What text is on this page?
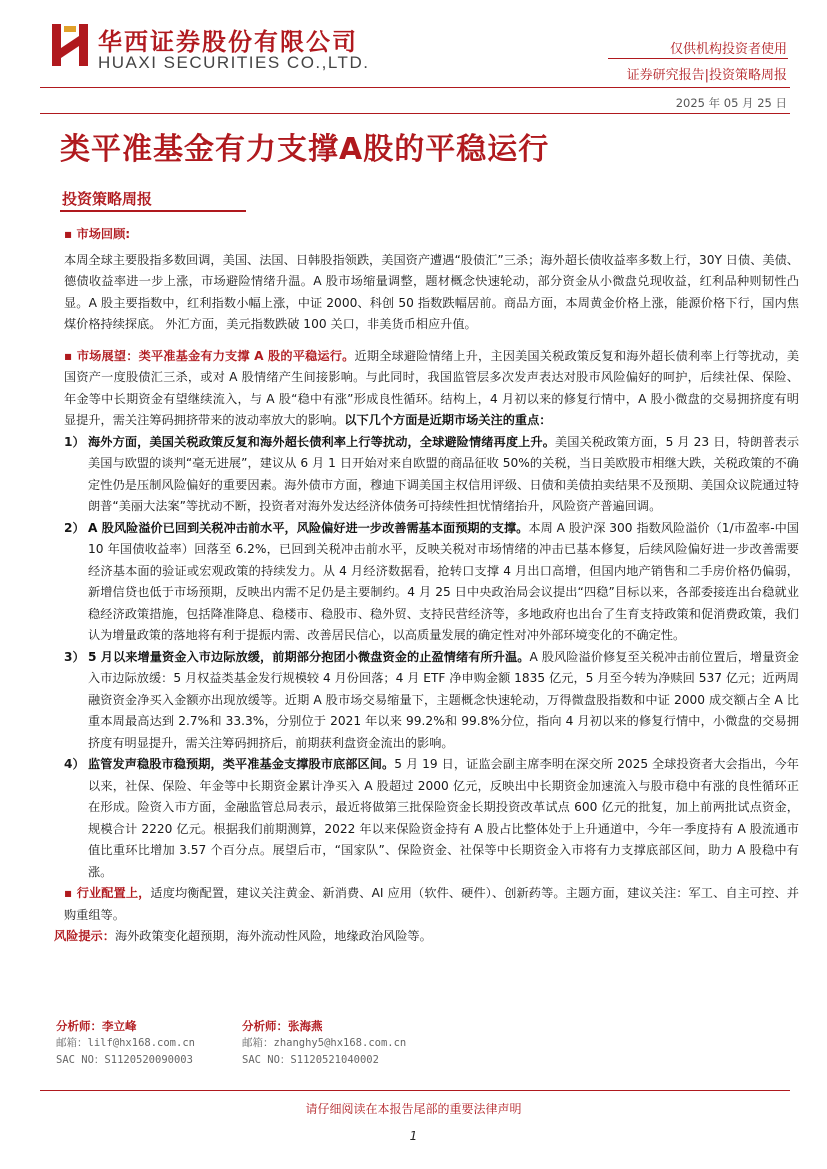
华西证券股份有限公司
HUAXI SECURITIES CO.,LTD.
仅供机构投资者使用
证券研究报告|投资策略周报
2025 年 05 月 25 日
类平准基金有力支撑A股的平稳运行
投资策略周报

▪ 市场回顾:

本周全球主要股指多数回调，美国、法国、日韩股指领跌，美国资产遭遇“股债汇”三杀；海外超长债收益率多数上行，30Y 日债、美债、德债收益率进一步上涨，市场避险情绪升温。A 股市场缩量调整，题材概念快速轮动，部分资金从小微盘兑现收益，红利品种则韧性凸显。A 股主要指数中，红利指数小幅上涨，中证 2000、科创 50 指数跌幅居前。商品方面，本周黄金价格上涨，能源价格下行，国内焦煤价格持续探底。 外汇方面，美元指数跌破 100 关口，非美货币相应升值。

▪ 市场展望：类平准基金有力支撑 A 股的平稳运行。近期全球避险情绪上升，主因美国关税政策反复和海外超长债利率上行等扰动，美国资产一度股债汇三杀，或对 A 股情绪产生间接影响。与此同时，我国监管层多次发声表达对股市风险偏好的呵护，后续社保、保险、年金等中长期资金有望继续流入，与 A 股“稳中有涨”形成良性循环。结构上，4 月初以来的修复行情中，A 股小微盘的交易拥挤度有明显提升，需关注筹码拥挤带来的波动率放大的影响。以下几个方面是近期市场关注的重点：

1） 海外方面，美国关税政策反复和海外超长债利率上行等扰动，全球避险情绪再度上升。美国关税政策方面，5 月 23 日，特朗普表示美国与欧盟的谈判“毫无进展”，建议从 6 月 1 日开始对来自欧盟的商品征收 50%的关税，当日美欧股市相继大跌，关税政策的不确定性仍是压制风险偏好的重要因素。海外债市方面，穆迪下调美国主权信用评级、日债和美债拍卖结果不及预期、美国众议院通过特朗普“美丽大法案”等扰动不断，投资者对海外发达经济体债务可持续性担忧情绪抬升，风险资产普遍回调。

2） A 股风险溢价已回到关税冲击前水平，风险偏好进一步改善需基本面预期的支撑。本周 A 股沪深 300 指数风险溢价（1/市盈率-中国 10 年国债收益率）回落至 6.2%，已回到关税冲击前水平，反映关税对市场情绪的冲击已基本修复，后续风险偏好进一步改善需要经济基本面的验证或宏观政策的持续发力。从 4 月经济数据看，抢转口支撑 4 月出口高增，但国内地产销售和二手房价格仍偏弱，新增信贷也低于市场预期，反映出内需不足仍是主要制约。4 月 25 日中央政治局会议提出“四稳”目标以来，各部委接连出台稳就业稳经济政策措施，包括降准降息、稳楼市、稳股市、稳外贸、支持民营经济等，多地政府也出台了生育支持政策和促消费政策，我们认为增量政策的落地将有利于提振内需、改善居民信心，以高质量发展的确定性对冲外部环境变化的不确定性。

3） 5 月以来增量资金入市边际放缓，前期部分抱团小微盘资金的止盈情绪有所升温。A 股风险溢价修复至关税冲击前位置后，增量资金入市边际放缓：5 月权益类基金发行规模较 4 月份回落；4 月 ETF 净申购金额 1835 亿元，5 月至今转为净赎回 537 亿元；近两周融资资金净买入金额亦出现放缓等。近期 A 股市场交易缩量下，主题概念快速轮动，万得微盘股指数和中证 2000 成交额占全 A 比重本周最高达到 2.7%和 33.3%，分别位于 2021 年以来 99.2%和 99.8%分位，指向 4 月初以来的修复行情中，小微盘的交易拥挤度有明显提升，需关注筹码拥挤后，前期获利盘资金流出的影响。

4） 监管发声稳股市稳预期，类平准基金支撑股市底部区间。5 月 19 日，证监会副主席李明在深交所 2025 全球投资者大会指出，今年以来，社保、保险、年金等中长期资金累计净买入 A 股超过 2000 亿元，反映出中长期资金加速流入与股市稳中有涨的良性循环正在形成。险资入市方面，金融监管总局表示，最近将做第三批保险资金长期投资改革试点 600 亿元的批复，加上前两批试点资金，规模合计 2220 亿元。根据我们前期测算，2022 年以来保险资金持有 A 股占比整体处于上升通道中，今年一季度持有 A 股流通市值比重环比增加 3.57 个百分点。展望后市，“国家队”、保险资金、社保等中长期资金入市将有力支撑底部区间，助力 A 股稳中有涨。

▪ 行业配置上，适度均衡配置，建议关注黄金、新消费、AI 应用（软件、硬件）、创新药等。主题方面，建议关注：军工、自主可控、并购重组等。

风险提示：海外政策变化超预期，海外流动性风险，地缘政治风险等。

分析师：李立峰
邮箱：lilf@hx168.com.cn
SAC NO：S1120520090003
分析师：张海燕
邮箱：zhanghy5@hx168.com.cn
SAC NO：S1120521040002
请仔细阅读在本报告尾部的重要法律声明
1
